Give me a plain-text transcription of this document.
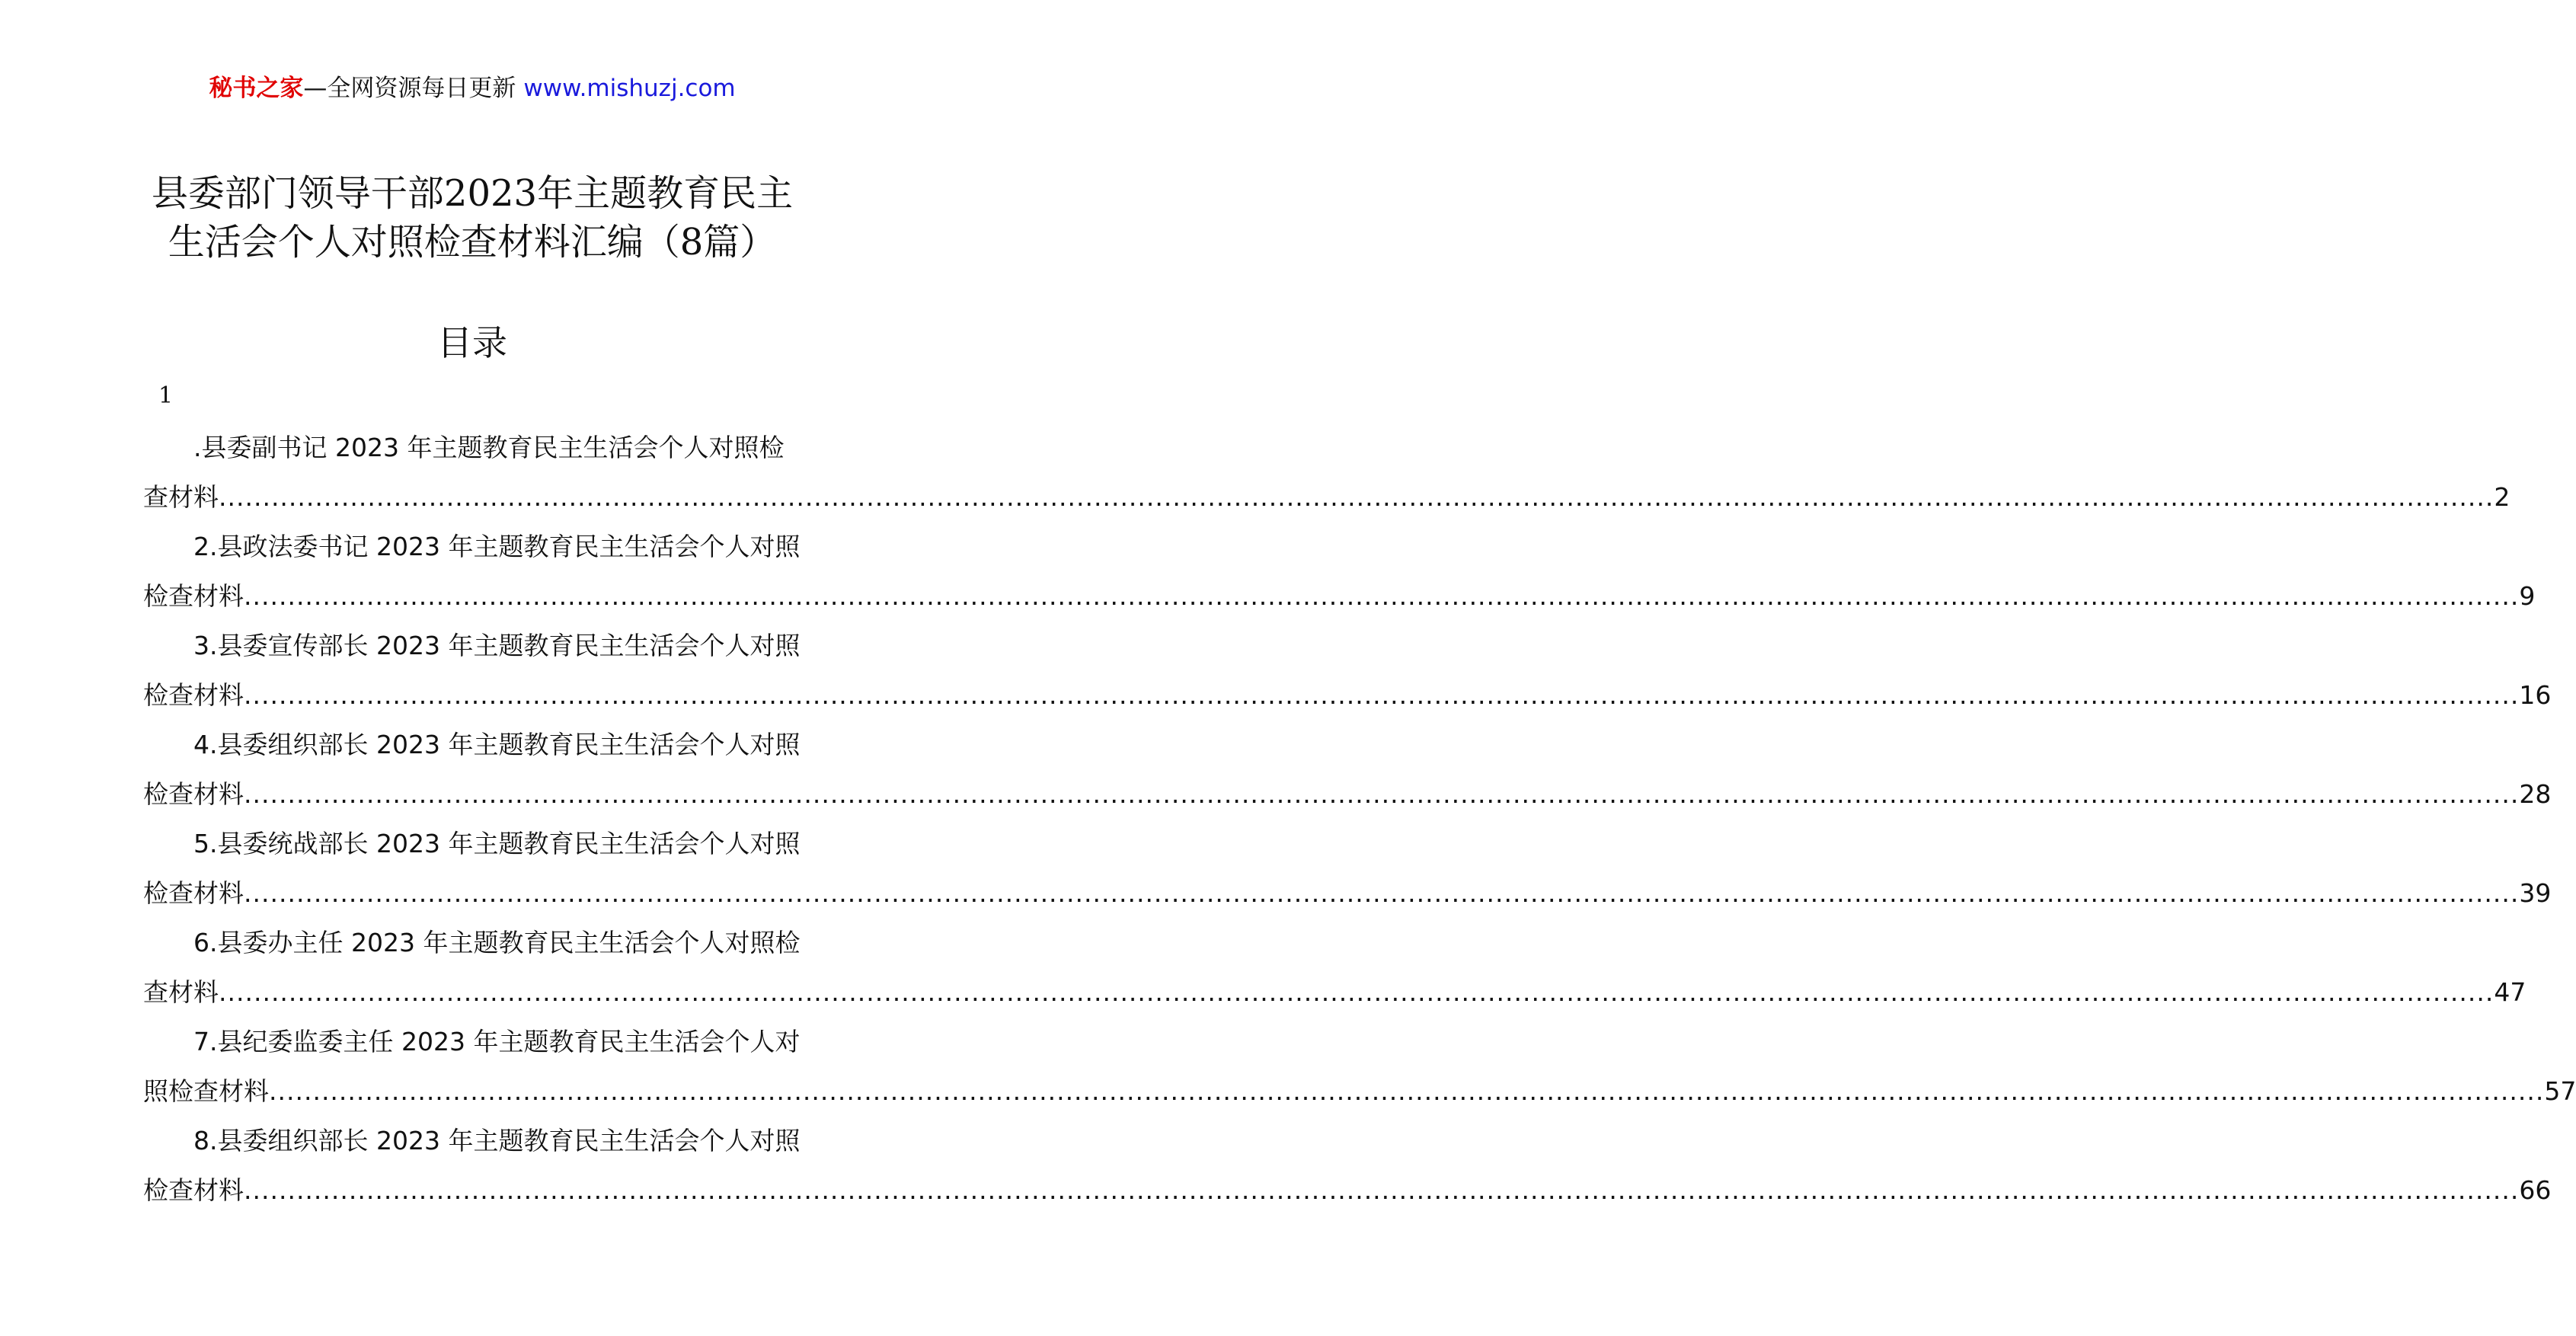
秘书之家—全网资源每日更新 www.mishuzj.com
县委部门领导干部2023年主题教育民主
生活会个人对照检查材料汇编（8篇）
目录
1
.县委副书记 2023 年主题教育民主生活会个人对照检
查材料 .................................................................................................................................................................................................................................................................... 2
2.县政法委书记 2023 年主题教育民主生活会个人对照
检查材料 .................................................................................................................................................................................................................................................................... 9
3.县委宣传部长 2023 年主题教育民主生活会个人对照
检查材料 .................................................................................................................................................................................................................................................................... 16
4.县委组织部长 2023 年主题教育民主生活会个人对照
检查材料 .................................................................................................................................................................................................................................................................... 28
5.县委统战部长 2023 年主题教育民主生活会个人对照
检查材料 .................................................................................................................................................................................................................................................................... 39
6.县委办主任 2023 年主题教育民主生活会个人对照检
查材料 .................................................................................................................................................................................................................................................................... 47
7.县纪委监委主任 2023 年主题教育民主生活会个人对
照检查材料 .................................................................................................................................................................................................................................................................... 57
8.县委组织部长 2023 年主题教育民主生活会个人对照
检查材料 .................................................................................................................................................................................................................................................................... 66
